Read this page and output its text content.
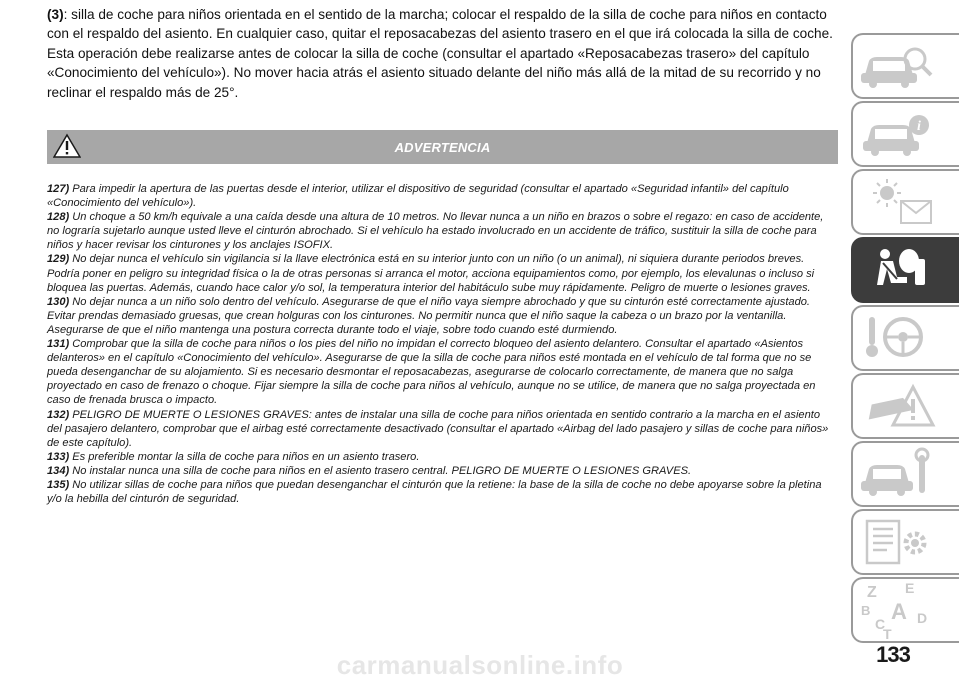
(3): silla de coche para niños orientada en el sentido de la marcha; colocar el respaldo de la silla de coche para niños en contacto con el respaldo del asiento. En cualquier caso, quitar el reposacabezas del asiento trasero en el que irá colocada la silla de coche. Esta operación debe realizarse antes de colocar la silla de coche (consultar el apartado «Reposacabezas trasero» del capítulo «Conocimiento del vehículo»). No mover hacia atrás el asiento situado delante del niño más allá de la mitad de su recorrido y no reclinar el respaldo más de 25°.
ADVERTENCIA

127) Para impedir la apertura de las puertas desde el interior, utilizar el dispositivo de seguridad (consultar el apartado «Seguridad infantil» del capítulo «Conocimiento del vehículo»).

128) Un choque a 50 km/h equivale a una caída desde una altura de 10 metros. No llevar nunca a un niño en brazos o sobre el regazo: en caso de accidente, no lograría sujetarlo aunque usted lleve el cinturón abrochado. Si el vehículo ha estado involucrado en un accidente de tráfico, sustituir la silla de coche para niños y hacer revisar los cinturones y los anclajes ISOFIX.

129) No dejar nunca el vehículo sin vigilancia si la llave electrónica está en su interior junto con un niño (o un animal), ni siquiera durante periodos breves. Podría poner en peligro su integridad física o la de otras personas si arranca el motor, acciona equipamientos como, por ejemplo, los elevalunas o incluso si bloquea las puertas. Además, cuando hace calor y/o sol, la temperatura interior del habitáculo sube muy rápidamente. Peligro de muerte o lesiones graves.

130) No dejar nunca a un niño solo dentro del vehículo. Asegurarse de que el niño vaya siempre abrochado y que su cinturón esté correctamente ajustado. Evitar prendas demasiado gruesas, que crean holguras con los cinturones. No permitir nunca que el niño saque la cabeza o un brazo por la ventanilla. Asegurarse de que el niño mantenga una postura correcta durante todo el viaje, sobre todo cuando esté durmiendo.

131) Comprobar que la silla de coche para niños o los pies del niño no impidan el correcto bloqueo del asiento delantero. Consultar el apartado «Asientos delanteros» en el capítulo «Conocimiento del vehículo». Asegurarse de que la silla de coche para niños esté montada en el vehículo de tal forma que no se pueda desenganchar de su alojamiento. Si es necesario desmontar el reposacabezas, asegurarse de colocarlo correctamente, de manera que no salga proyectado en caso de frenazo o choque. Fijar siempre la silla de coche para niños al vehículo, aunque no se utilice, de manera que no salga proyectada en caso de frenada brusca o impacto.

132) PELIGRO DE MUERTE O LESIONES GRAVES: antes de instalar una silla de coche para niños orientada en sentido contrario a la marcha en el asiento del pasajero delantero, comprobar que el airbag esté correctamente desactivado (consultar el apartado «Airbag del lado pasajero y sillas de coche para niños» de este capítulo).

133) Es preferible montar la silla de coche para niños en un asiento trasero.

134) No instalar nunca una silla de coche para niños en el asiento trasero central. PELIGRO DE MUERTE O LESIONES GRAVES.

135) No utilizar sillas de coche para niños que puedan desenganchar el cinturón que la retiene: la base de la silla de coche no debe apoyarse sobre la pletina y/o la hebilla del cinturón de seguridad.

i
Z E
B A
C D
T
133
carmanualsonline.info
